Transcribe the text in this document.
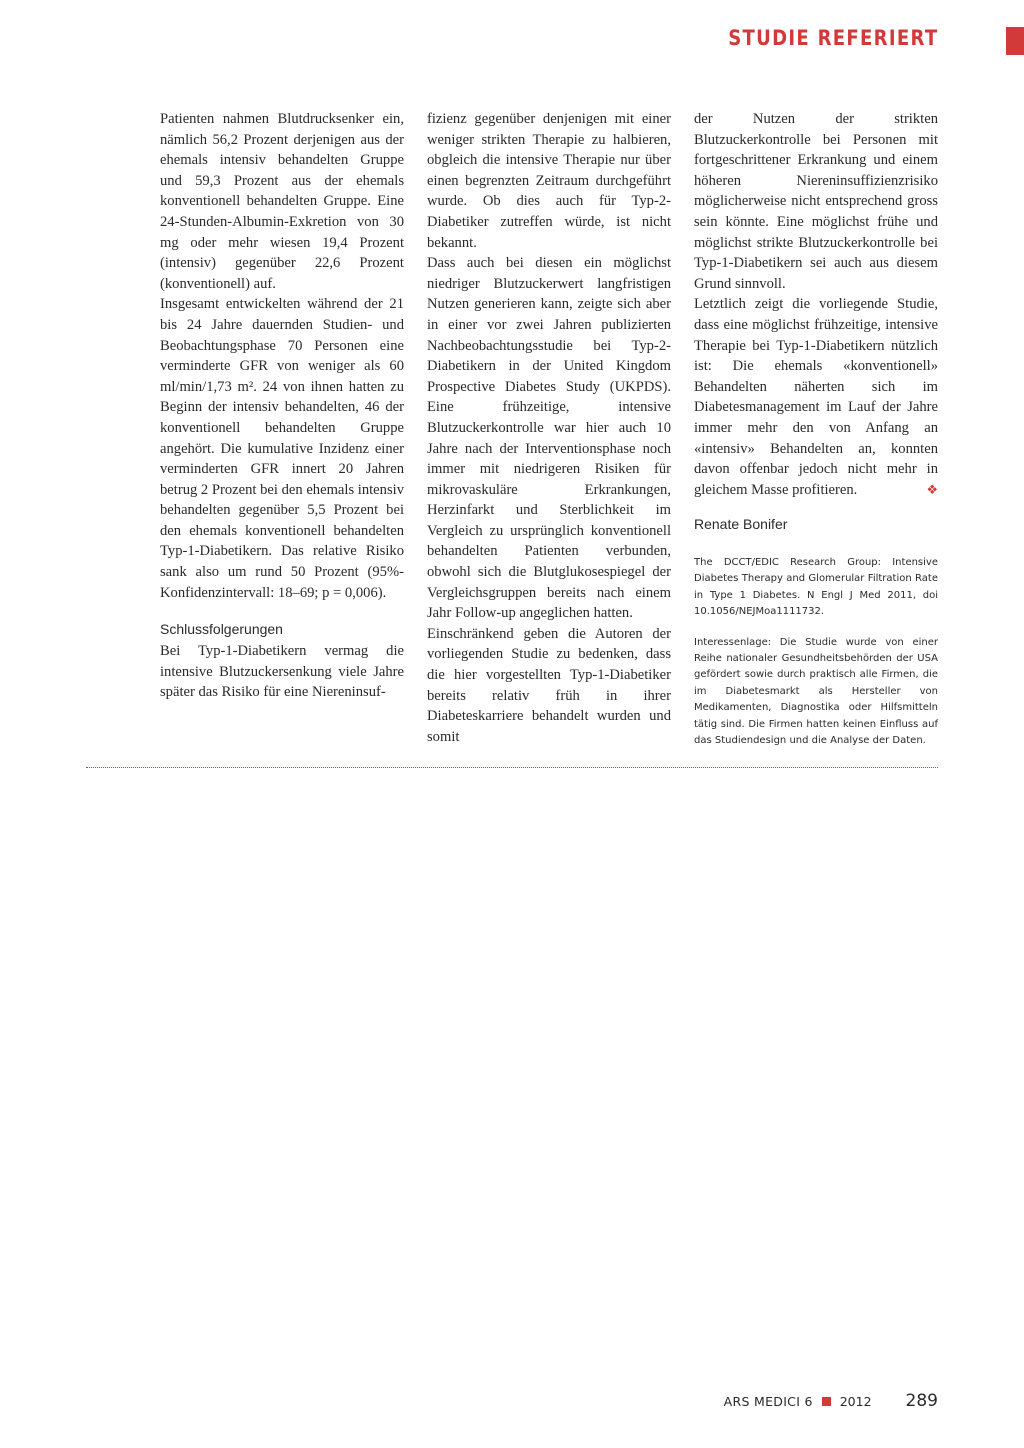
STUDIE REFERIERT

Patienten nahmen Blutdrucksenker ein, nämlich 56,2 Prozent derjenigen aus der ehemals intensiv behandelten Gruppe und 59,3 Prozent aus der ehemals konventionell behandelten Gruppe. Eine 24-Stunden-Albumin-Exkretion von 30 mg oder mehr wiesen 19,4 Prozent (intensiv) gegenüber 22,6 Prozent (konventionell) auf.

Insgesamt entwickelten während der 21 bis 24 Jahre dauernden Studien- und Beobachtungsphase 70 Personen eine verminderte GFR von weniger als 60 ml/min/1,73 m². 24 von ihnen hatten zu Beginn der intensiv behandelten, 46 der konventionell behandelten Gruppe angehört. Die kumulative Inzidenz einer verminderten GFR innert 20 Jahren betrug 2 Prozent bei den ehemals intensiv behandelten gegenüber 5,5 Prozent bei den ehemals konventionell behandelten Typ-1-Diabetikern. Das relative Risiko sank also um rund 50 Prozent (95%-Konfidenzintervall: 18–69; p = 0,006).

Schlussfolgerungen

Bei Typ-1-Diabetikern vermag die intensive Blutzuckersenkung viele Jahre später das Risiko für eine Niereninsuf-

fizienz gegenüber denjenigen mit einer weniger strikten Therapie zu halbieren, obgleich die intensive Therapie nur über einen begrenzten Zeitraum durchgeführt wurde. Ob dies auch für Typ-2-Diabetiker zutreffen würde, ist nicht bekannt.

Dass auch bei diesen ein möglichst niedriger Blutzuckerwert langfristigen Nutzen generieren kann, zeigte sich aber in einer vor zwei Jahren publizierten Nachbeobachtungsstudie bei Typ-2-Diabetikern in der United Kingdom Prospective Diabetes Study (UKPDS). Eine frühzeitige, intensive Blutzuckerkontrolle war hier auch 10 Jahre nach der Interventionsphase noch immer mit niedrigeren Risiken für mikrovaskuläre Erkrankungen, Herzinfarkt und Sterblichkeit im Vergleich zu ursprünglich konventionell behandelten Patienten verbunden, obwohl sich die Blutglukosespiegel der Vergleichsgruppen bereits nach einem Jahr Follow-up angeglichen hatten.

Einschränkend geben die Autoren der vorliegenden Studie zu bedenken, dass die hier vorgestellten Typ-1-Diabetiker bereits relativ früh in ihrer Diabeteskarriere behandelt wurden und somit

der Nutzen der strikten Blutzuckerkontrolle bei Personen mit fortgeschrittener Erkrankung und einem höheren Niereninsuffizienzrisiko möglicherweise nicht entsprechend gross sein könnte. Eine möglichst frühe und möglichst strikte Blutzuckerkontrolle bei Typ-1-Diabetikern sei auch aus diesem Grund sinnvoll.

Letztlich zeigt die vorliegende Studie, dass eine möglichst frühzeitige, intensive Therapie bei Typ-1-Diabetikern nützlich ist: Die ehemals «konventionell» Behandelten näherten sich im Diabetesmanagement im Lauf der Jahre immer mehr den von Anfang an «intensiv» Behandelten an, konnten davon offenbar jedoch nicht mehr in gleichem Masse profitieren.	❖

Renate Bonifer
The DCCT/EDIC Research Group: Intensive Diabetes Therapy and Glomerular Filtration Rate in Type 1 Diabetes. N Engl J Med 2011, doi 10.1056/NEJMoa1111732.
Interessenlage: Die Studie wurde von einer Reihe nationaler Gesundheitsbehörden der USA gefördert sowie durch praktisch alle Firmen, die im Diabetesmarkt als Hersteller von Medikamenten, Diagnostika oder Hilfsmitteln tätig sind. Die Firmen hatten keinen Einfluss auf das Studiendesign und die Analyse der Daten.
ARS MEDICI 6 2012 289
